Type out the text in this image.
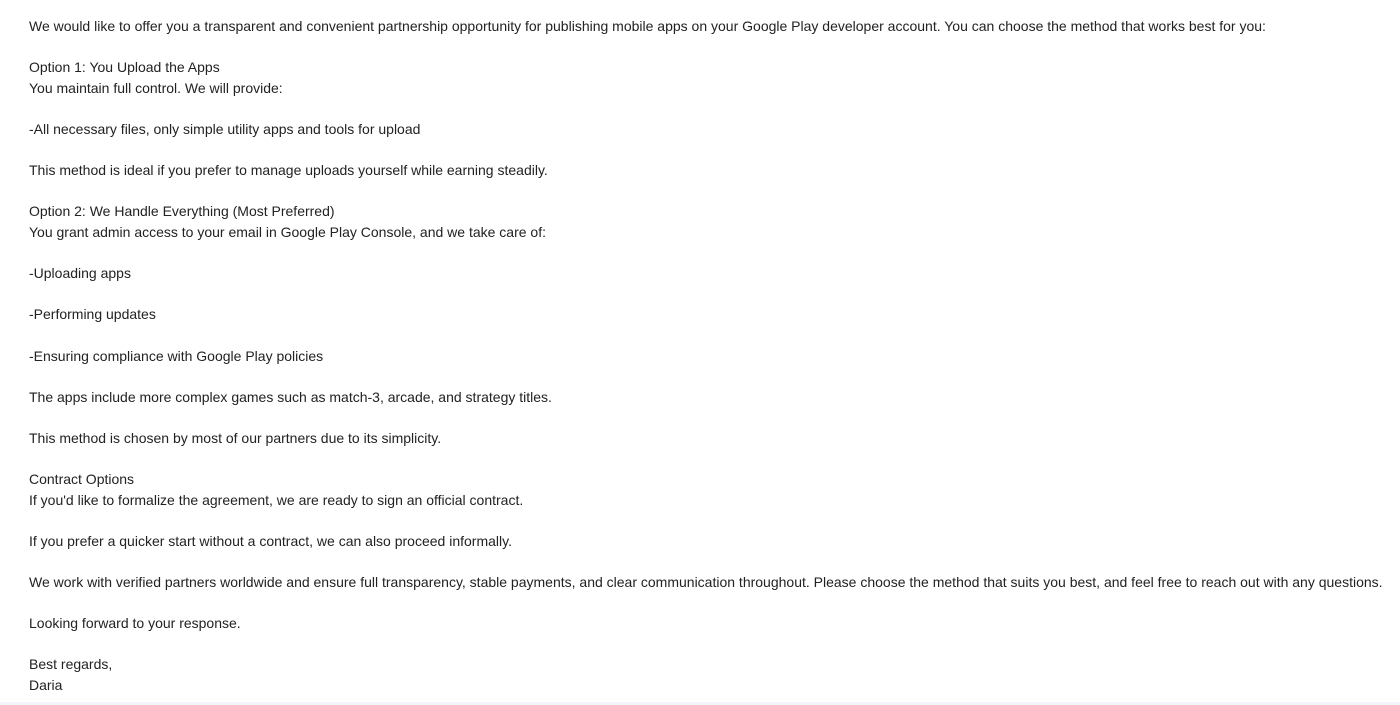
We would like to offer you a transparent and convenient partnership opportunity for publishing mobile apps on your Google Play developer account. You can choose the method that works best for you:
Option 1: You Upload the Apps
You maintain full control. We will provide:
-All necessary files, only simple utility apps and tools for upload
This method is ideal if you prefer to manage uploads yourself while earning steadily.
Option 2: We Handle Everything (Most Preferred)
You grant admin access to your email in Google Play Console, and we take care of:
-Uploading apps
-Performing updates
-Ensuring compliance with Google Play policies
The apps include more complex games such as match-3, arcade, and strategy titles.
This method is chosen by most of our partners due to its simplicity.
Contract Options
If you'd like to formalize the agreement, we are ready to sign an official contract.
If you prefer a quicker start without a contract, we can also proceed informally.
We work with verified partners worldwide and ensure full transparency, stable payments, and clear communication throughout. Please choose the method that suits you best, and feel free to reach out with any questions.
Looking forward to your response.
Best regards,
Daria
